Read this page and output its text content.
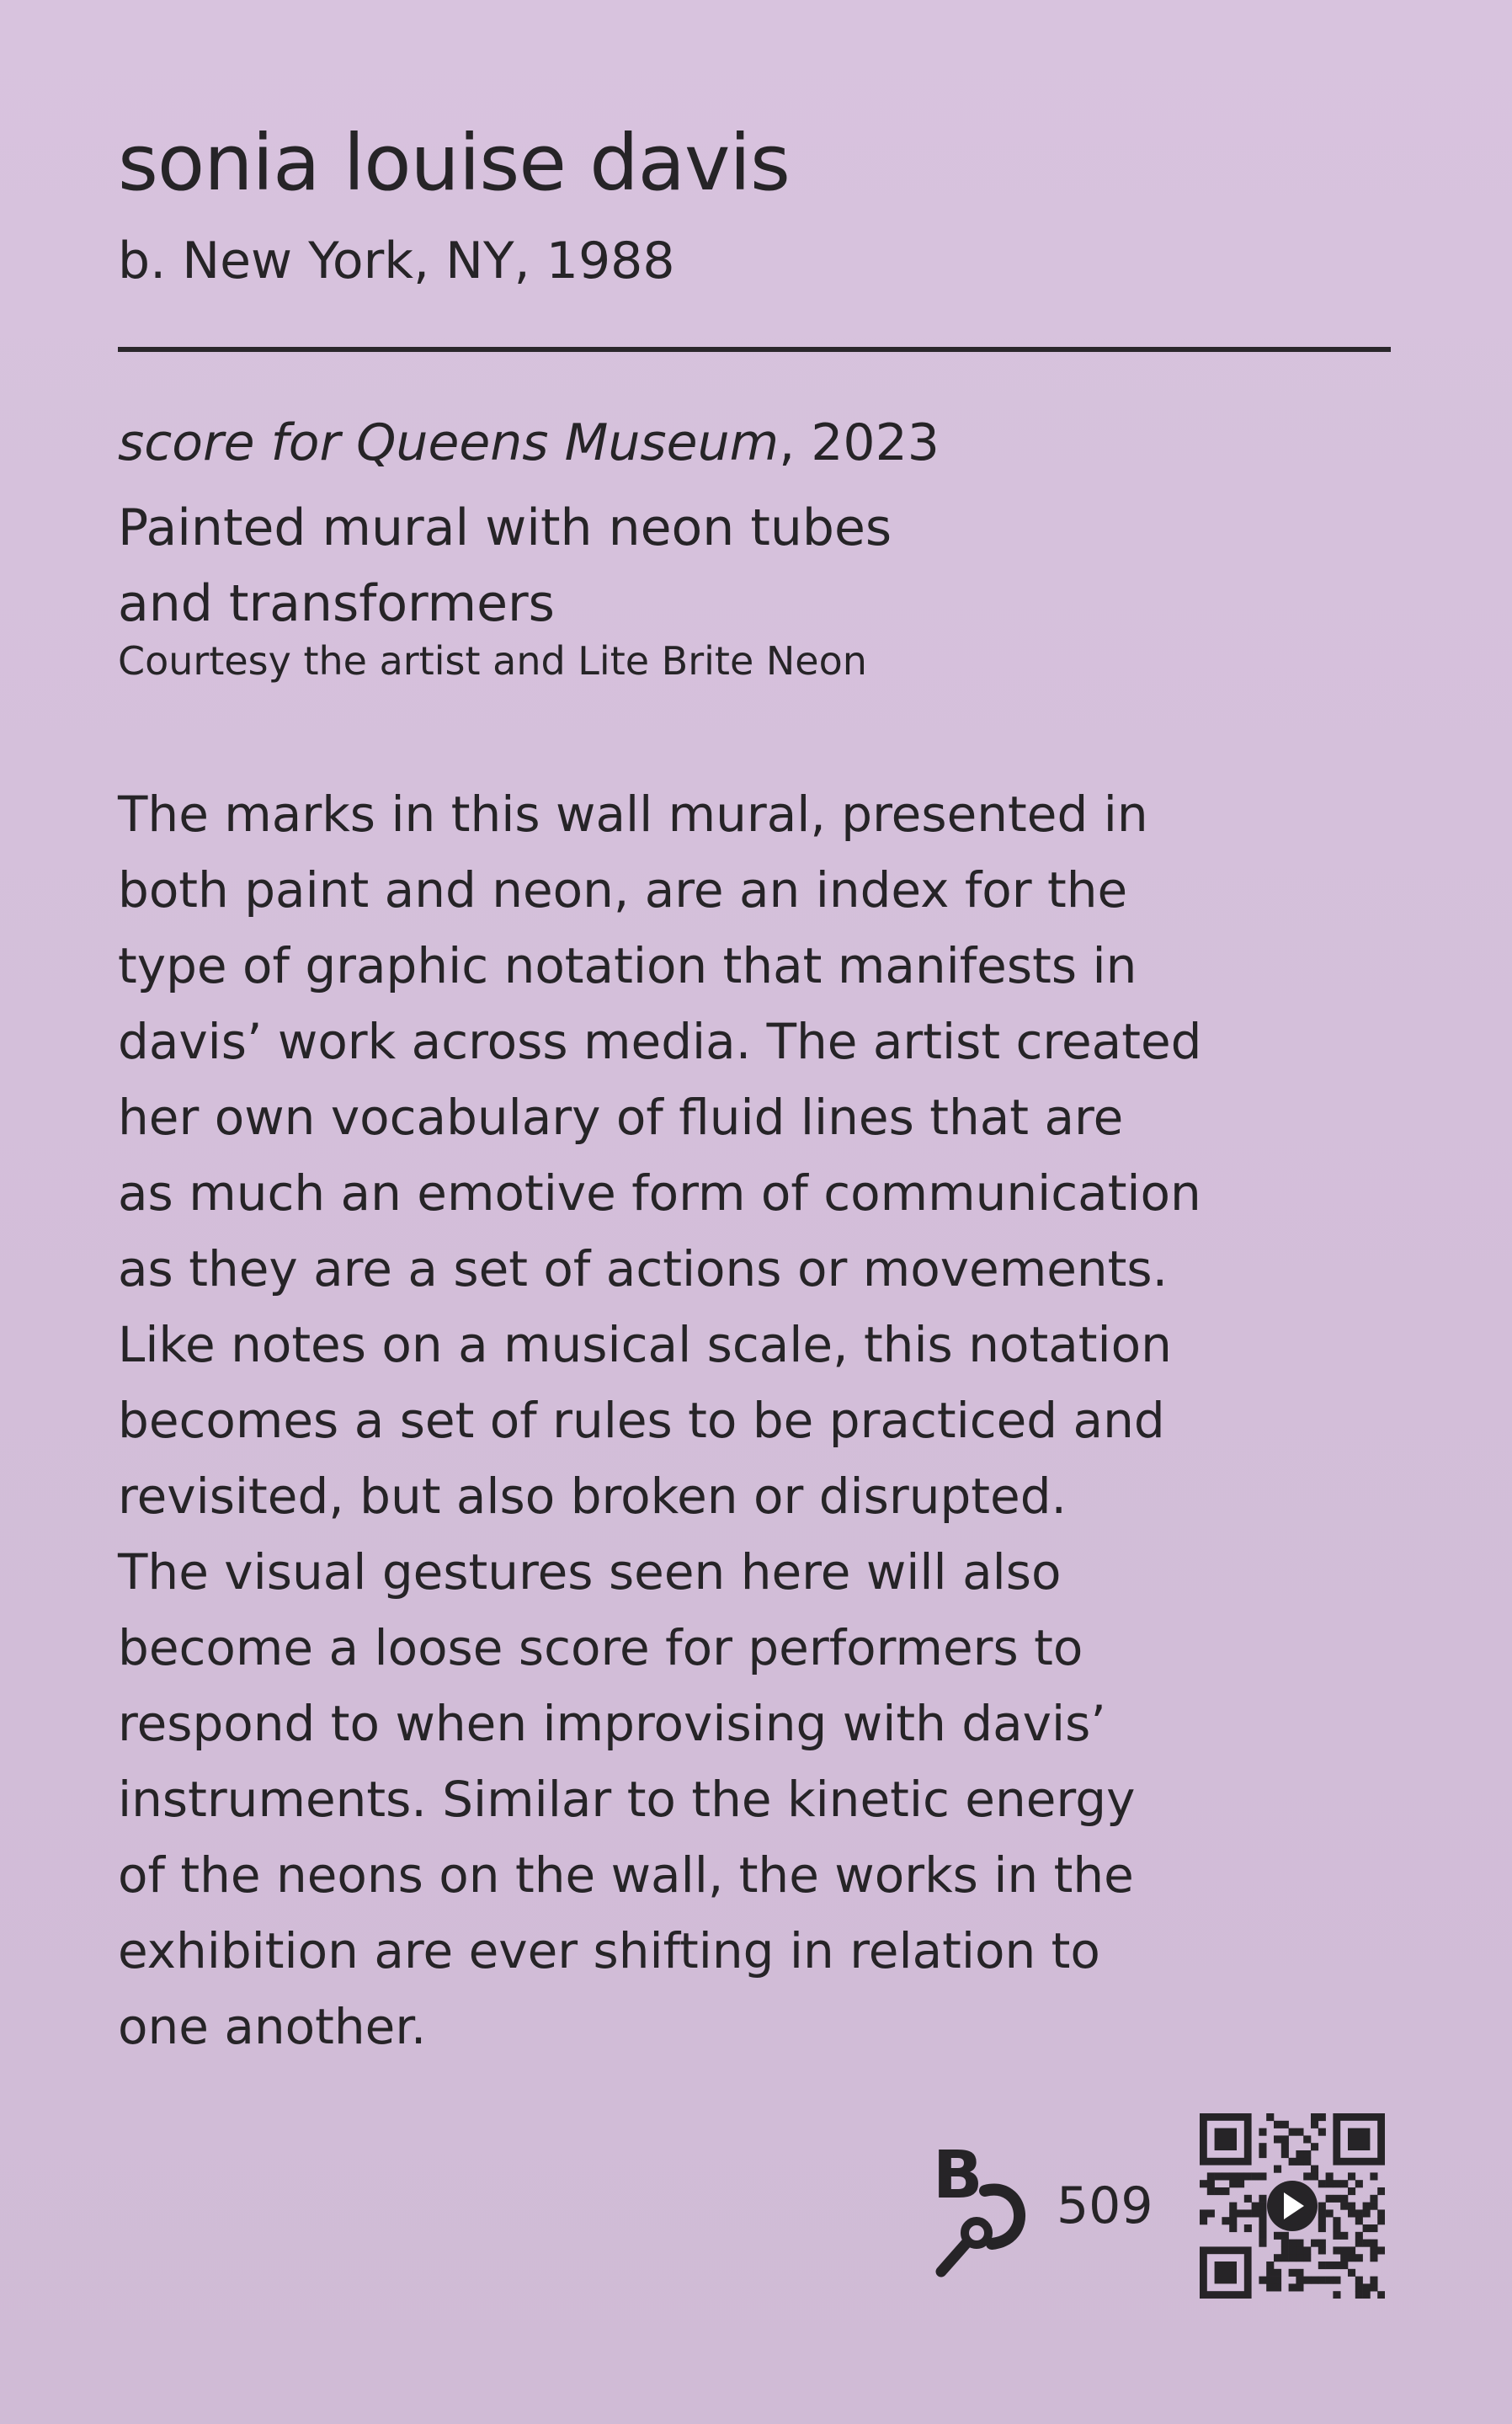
sonia louise davis
b. New York, NY, 1988
score for Queens Museum, 2023

Painted mural with neon tubes
and transformers

Courtesy the artist and Lite Brite Neon

The marks in this wall mural, presented in
both paint and neon, are an index for the
type of graphic notation that manifests in
davis’ work across media. The artist created
her own vocabulary of fluid lines that are
as much an emotive form of communication
as they are a set of actions or movements.
Like notes on a musical scale, this notation
becomes a set of rules to be practiced and
revisited, but also broken or disrupted.
The visual gestures seen here will also
become a loose score for performers to
respond to when improvising with davis’
instruments. Similar to the kinetic energy
of the neons on the wall, the works in the
exhibition are ever shifting in relation to
one another.

B 509
